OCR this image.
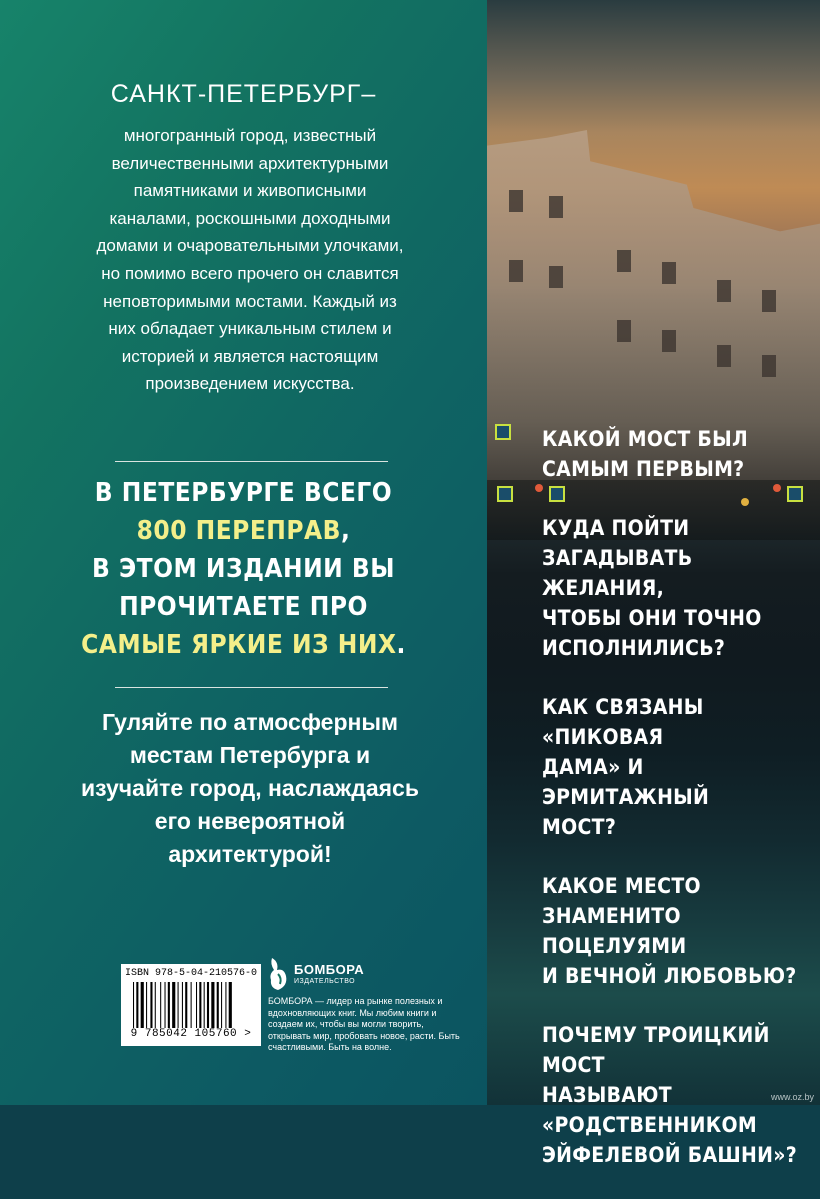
САНКТ-ПЕТЕРБУРГ–
многогранный город, известный величественными архитектурными памятниками и живописными каналами, роскошными доходными домами и очаровательными улочками, но помимо всего прочего он славится неповторимыми мостами. Каждый из них обладает уникальным стилем и историей и является настоящим произведением искусства.
В ПЕТЕРБУРГЕ ВСЕГО
800 ПЕРЕПРАВ,
В ЭТОМ ИЗДАНИИ ВЫ
ПРОЧИТАЕТЕ ПРО
САМЫЕ ЯРКИЕ ИЗ НИХ.
Гуляйте по атмосферным местам Петербурга и изучайте город, наслаждаясь его невероятной архитектурой!
ISBN 978-5-04-210576-0
9 785042 105760 >
БОМБОРА
ИЗДАТЕЛЬСТВО
БОМБОРА — лидер на рынке полезных и вдохновляющих книг. Мы любим книги и создаем их, чтобы вы могли творить, открывать мир, пробовать новое, расти. Быть счастливыми. Быть на волне.
КАКОЙ МОСТ БЫЛ
САМЫМ ПЕРВЫМ?
КУДА ПОЙТИ
ЗАГАДЫВАТЬ ЖЕЛАНИЯ,
ЧТОБЫ ОНИ ТОЧНО
ИСПОЛНИЛИСЬ?
КАК СВЯЗАНЫ «ПИКОВАЯ
ДАМА» И ЭРМИТАЖНЫЙ
МОСТ?
КАКОЕ МЕСТО
ЗНАМЕНИТО ПОЦЕЛУЯМИ
И ВЕЧНОЙ ЛЮБОВЬЮ?
ПОЧЕМУ ТРОИЦКИЙ МОСТ
НАЗЫВАЮТ
«РОДСТВЕННИКОМ
ЭЙФЕЛЕВОЙ БАШНИ»?
www.oz.by
